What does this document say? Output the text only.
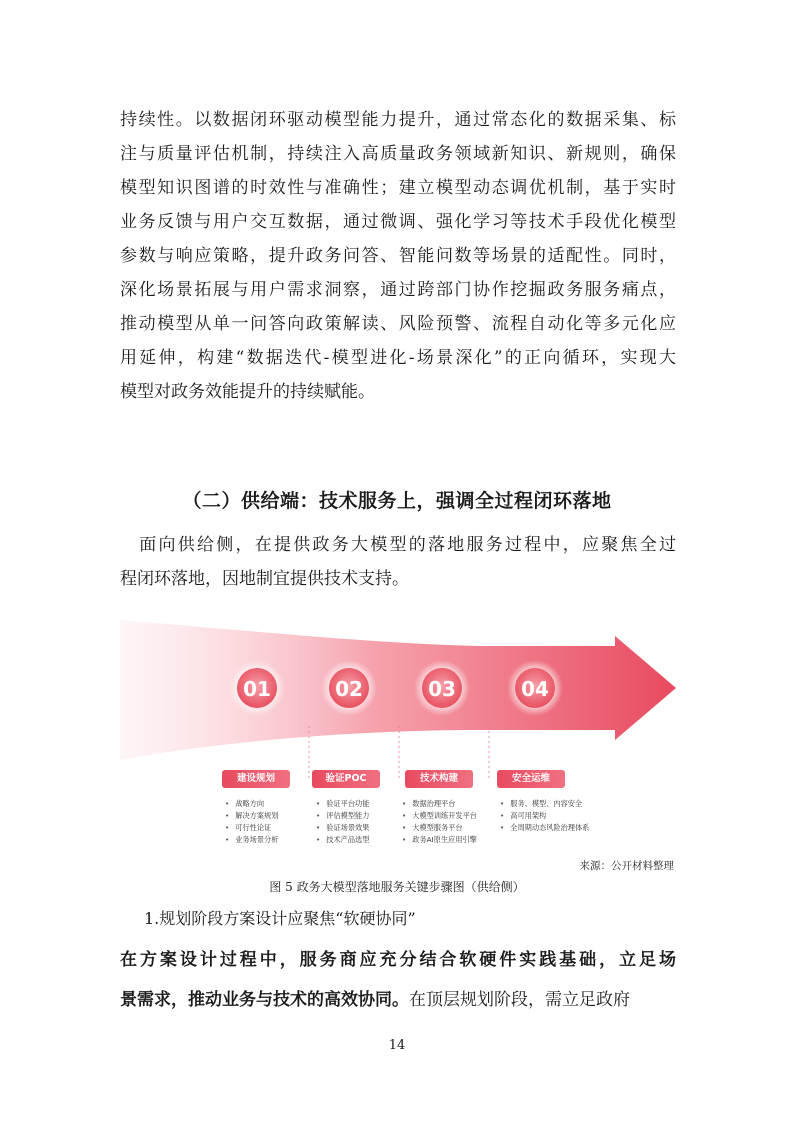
持续性。以数据闭环驱动模型能力提升，通过常态化的数据采集、标
注与质量评估机制，持续注入高质量政务领域新知识、新规则，确保
模型知识图谱的时效性与准确性；建立模型动态调优机制，基于实时
业务反馈与用户交互数据，通过微调、强化学习等技术手段优化模型
参数与响应策略，提升政务问答、智能问数等场景的适配性。同时，
深化场景拓展与用户需求洞察，通过跨部门协作挖掘政务服务痛点，
推动模型从单一问答向政策解读、风险预警、流程自动化等多元化应
用延伸，构建“数据迭代-模型进化-场景深化”的正向循环，实现大
模型对政务效能提升的持续赋能。
（二）供给端：技术服务上，强调全过程闭环落地
　面向供给侧，在提供政务大模型的落地服务过程中，应聚焦全过
程闭环落地，因地制宜提供技术支持。
01	02	03	04
建设规划	验证POC	技术构建	安全运维
• 战略方向
• 解决方案规划
• 可行性论证
• 业务场景分析
• 验证平台功能
• 评估模型能力
• 验证场景效果
• 技术产品选型
• 数据治理平台
• 大模型训练开发平台
• 大模型服务平台
• 政务AI原生应用引擎
• 服务、模型、内容安全
• 高可用架构
• 全周期动态风险治理体系
来源：公开材料整理
图 5 政务大模型落地服务关键步骤图（供给侧）
1.规划阶段方案设计应聚焦“软硬协同”
在方案设计过程中，服务商应充分结合软硬件实践基础，立足场
景需求，推动业务与技术的高效协同。在顶层规划阶段，需立足政府
14
